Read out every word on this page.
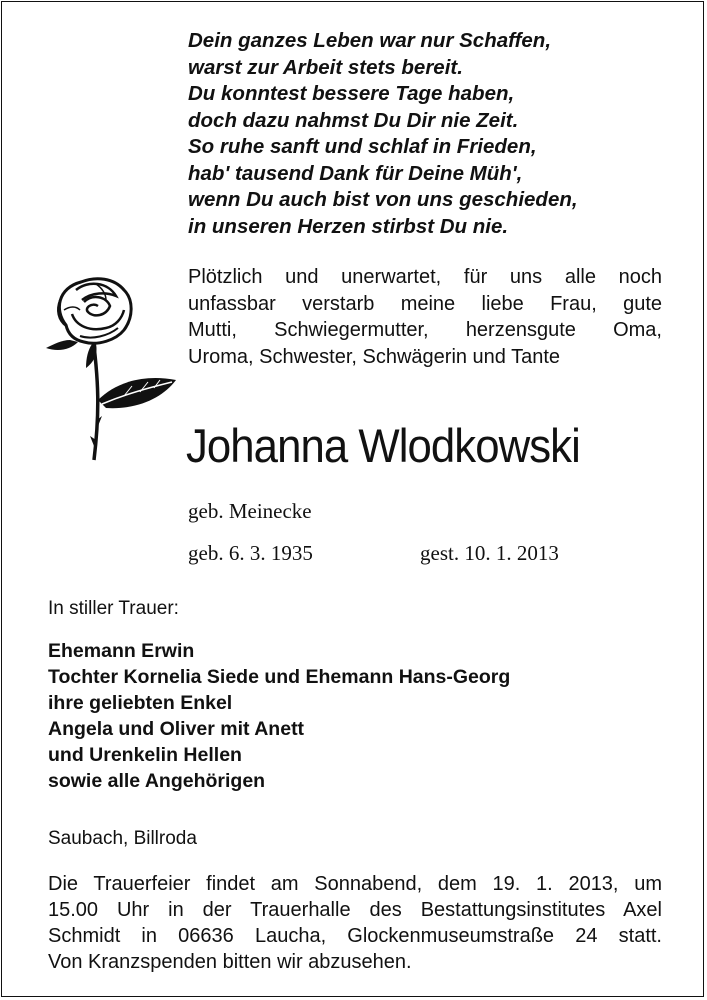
Dein ganzes Leben war nur Schaffen,
warst zur Arbeit stets bereit.
Du konntest bessere Tage haben,
doch dazu nahmst Du Dir nie Zeit.
So ruhe sanft und schlaf in Frieden,
hab' tausend Dank für Deine Müh',
wenn Du auch bist von uns geschieden,
in unseren Herzen stirbst Du nie.
Plötzlich und unerwartet, für uns alle noch
unfassbar verstarb meine liebe Frau, gute
Mutti, Schwiegermutter, herzensgute Oma,
Uroma, Schwester, Schwägerin und Tante
Johanna Wlodkowski
geb. Meinecke
geb. 6. 3. 1935	gest. 10. 1. 2013
In stiller Trauer:
Ehemann Erwin
Tochter Kornelia Siede und Ehemann Hans-Georg
ihre geliebten Enkel
Angela und Oliver mit Anett
und Urenkelin Hellen
sowie alle Angehörigen
Saubach, Billroda
Die Trauerfeier findet am Sonnabend, dem 19. 1. 2013, um
15.00 Uhr in der Trauerhalle des Bestattungsinstitutes Axel
Schmidt in 06636 Laucha, Glockenmuseumstraße 24 statt.
Von Kranzspenden bitten wir abzusehen.
